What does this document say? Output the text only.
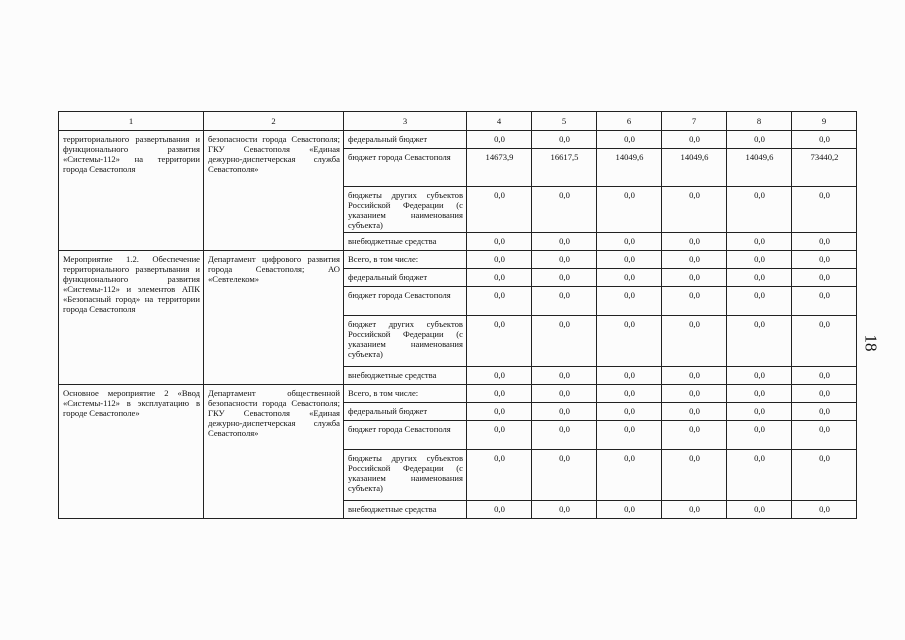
1	2	3	4	5	6	7	8	9
территориального развертывания и функционального развития «Системы-112» на территории города Севастополя	безопасности города Севастополя; ГКУ Севастополя «Единая дежурно-диспетчерская служба Севастополя»	федеральный бюджет	0,0	0,0	0,0	0,0	0,0	0,0
		бюджет города Севастополя	14673,9	16617,5	14049,6	14049,6	14049,6	73440,2
		бюджеты других субъектов Российской Федерации (с указанием наименования субъекта)	0,0	0,0	0,0	0,0	0,0	0,0
		внебюджетные средства	0,0	0,0	0,0	0,0	0,0	0,0
Мероприятие 1.2. Обеспечение территориального развертывания и функционального развития «Системы-112» и элементов АПК «Безопасный город» на территории города Севастополя	Департамент цифрового развития города Севастополя; АО «Севтелеком»	Всего, в том числе:	0,0	0,0	0,0	0,0	0,0	0,0
		федеральный бюджет	0,0	0,0	0,0	0,0	0,0	0,0
		бюджет города Севастополя	0,0	0,0	0,0	0,0	0,0	0,0
		бюджет других субъектов Российской Федерации (с указанием наименования субъекта)	0,0	0,0	0,0	0,0	0,0	0,0
		внебюджетные средства	0,0	0,0	0,0	0,0	0,0	0,0
Основное мероприятие 2 «Ввод «Системы-112» в эксплуатацию в городе Севастополе»	Департамент общественной безопасности города Севастополя; ГКУ Севастополя «Единая дежурно-диспетчерская служба Севастополя»	Всего, в том числе:	0,0	0,0	0,0	0,0	0,0	0,0
		федеральный бюджет	0,0	0,0	0,0	0,0	0,0	0,0
		бюджет города Севастополя	0,0	0,0	0,0	0,0	0,0	0,0
		бюджеты других субъектов Российской Федерации (с указанием наименования субъекта)	0,0	0,0	0,0	0,0	0,0	0,0
		внебюджетные средства	0,0	0,0	0,0	0,0	0,0	0,0
18
